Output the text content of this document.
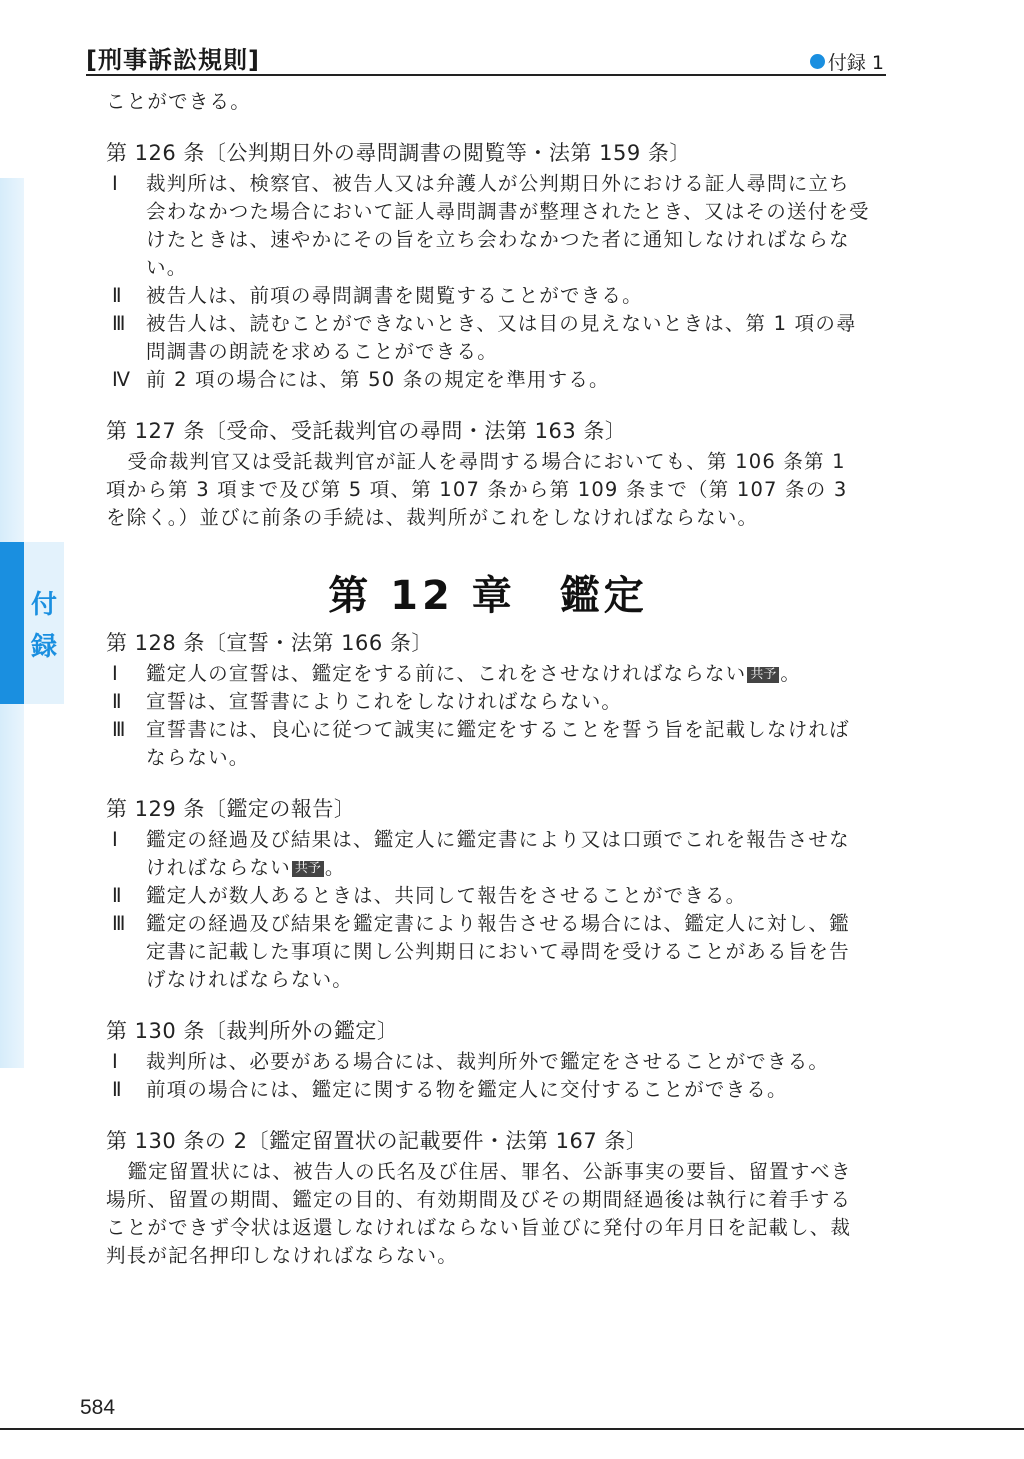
[刑事訴訟規則]	付録 1
付
録
ことができる。
第 126 条〔公判期日外の尋問調書の閲覧等・法第 159 条〕
Ⅰ	裁判所は、検察官、被告人又は弁護人が公判期日外における証人尋問に立ち会わなかつた場合において証人尋問調書が整理されたとき、又はその送付を受けたときは、速やかにその旨を立ち会わなかつた者に通知しなければならない。
Ⅱ	被告人は、前項の尋問調書を閲覧することができる。
Ⅲ 被告人は、読むことができないとき、又は目の見えないときは、第 1 項の尋問調書の朗読を求めることができる。
Ⅳ 前 2 項の場合には、第 50 条の規定を準用する。
第 127 条〔受命、受託裁判官の尋問・法第 163 条〕
受命裁判官又は受託裁判官が証人を尋問する場合においても、第 106 条第 1 項から第 3 項まで及び第 5 項、第 107 条から第 109 条まで（第 107 条の 3 を除く。）並びに前条の手続は、裁判所がこれをしなければならない。
第 12 章　鑑定
第 128 条〔宣誓・法第 166 条〕
Ⅰ	鑑定人の宣誓は、鑑定をする前に、これをさせなければならない 共予 。
Ⅱ	宣誓は、宣誓書によりこれをしなければならない。
Ⅲ 宣誓書には、良心に従つて誠実に鑑定をすることを誓う旨を記載しなければならない。
第 129 条〔鑑定の報告〕
Ⅰ	鑑定の経過及び結果は、鑑定人に鑑定書により又は口頭でこれを報告させなければならない 共予 。
Ⅱ	鑑定人が数人あるときは、共同して報告をさせることができる。
Ⅲ 鑑定の経過及び結果を鑑定書により報告させる場合には、鑑定人に対し、鑑定書に記載した事項に関し公判期日において尋問を受けることがある旨を告げなければならない。
第 130 条〔裁判所外の鑑定〕
Ⅰ	裁判所は、必要がある場合には、裁判所外で鑑定をさせることができる。
Ⅱ	前項の場合には、鑑定に関する物を鑑定人に交付することができる。
第 130 条の 2〔鑑定留置状の記載要件・法第 167 条〕
鑑定留置状には、被告人の氏名及び住居、罪名、公訴事実の要旨、留置すべき場所、留置の期間、鑑定の目的、有効期間及びその期間経過後は執行に着手することができず令状は返還しなければならない旨並びに発付の年月日を記載し、裁判長が記名押印しなければならない。
584
